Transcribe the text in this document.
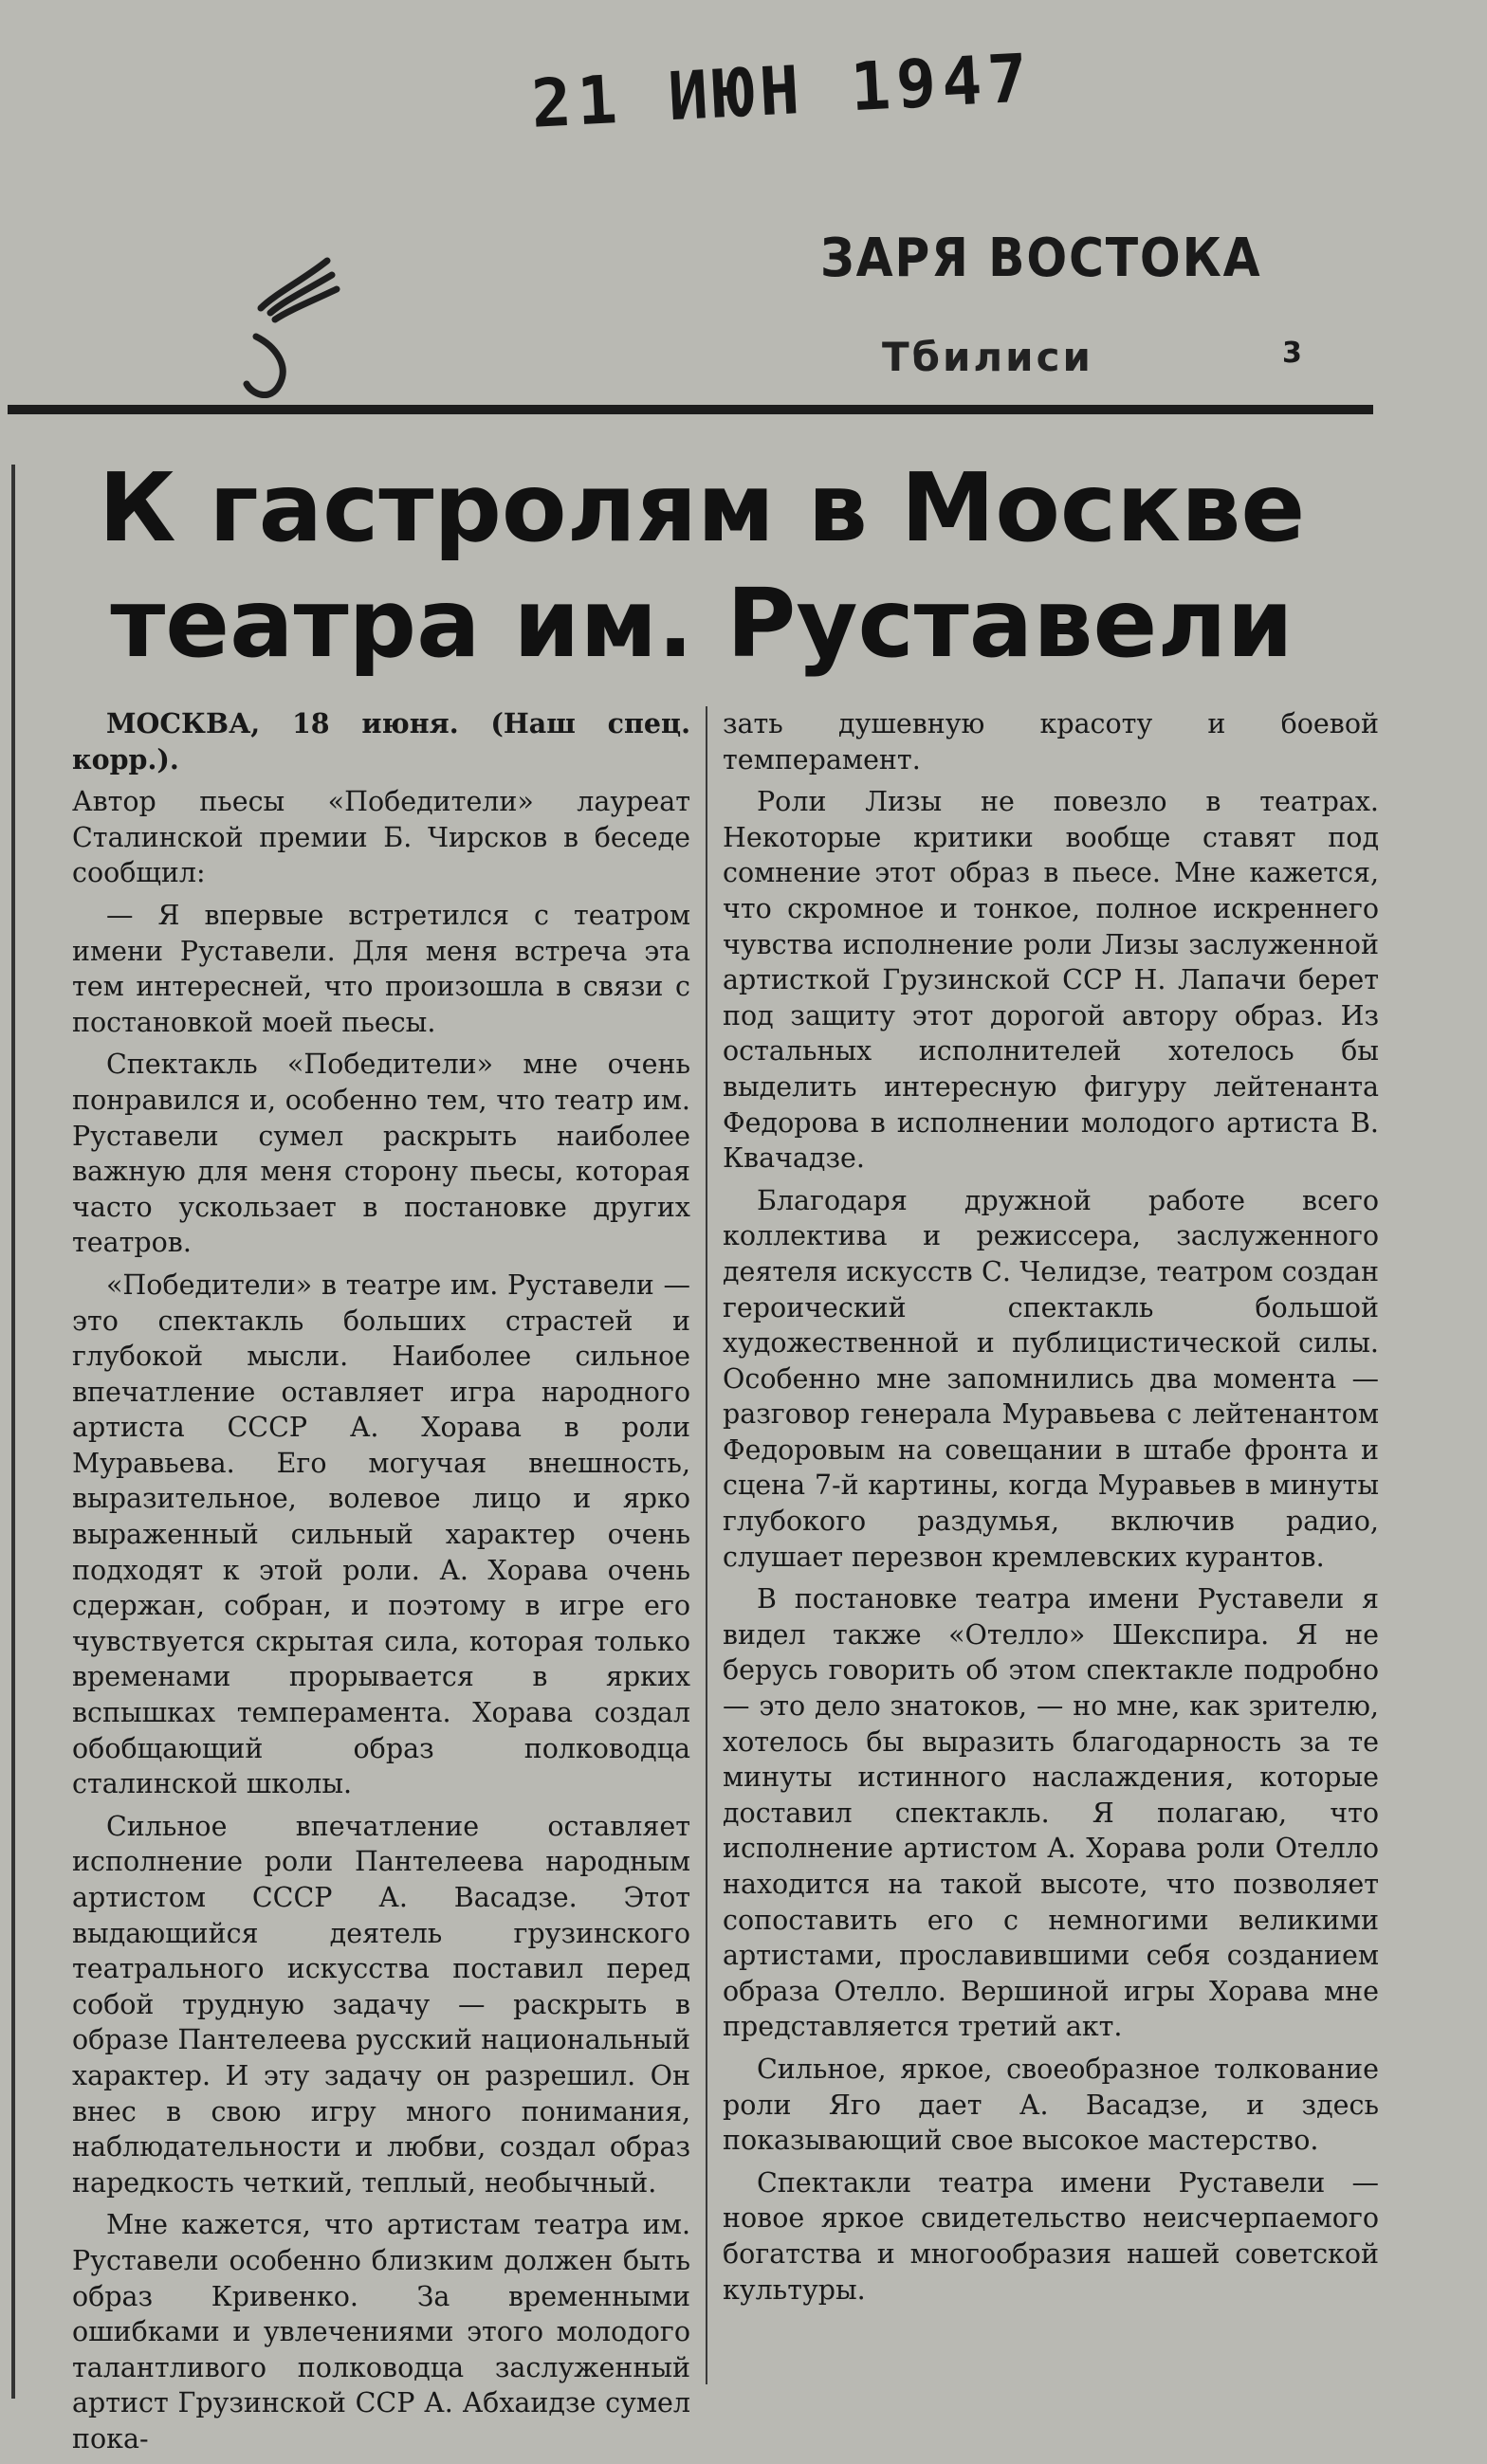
21 ИЮН 1947
ЗАРЯ ВОСТОКА
Тбилиси	3
К гастролям в Москве
театра им. Руставели

МОСКВА, 18 июня. (Наш спец. корр.).

Автор пьесы «Победители» лауреат Сталинской премии Б. Чирсков в беседе сообщил:

— Я впервые встретился с театром имени Руставели. Для меня встреча эта тем интересней, что произошла в связи с постановкой моей пьесы.

Спектакль «Победители» мне очень понравился и, особенно тем, что театр им. Руставели сумел раскрыть наиболее важную для меня сторону пьесы, которая часто ускользает в постановке других театров.

«Победители» в театре им. Руставели — это спектакль больших страстей и глубокой мысли. Наиболее сильное впечатление оставляет игра народного артиста СССР А. Хорава в роли Муравьева. Его могучая внешность, выразительное, волевое лицо и ярко выраженный сильный характер очень подходят к этой роли. А. Хорава очень сдержан, собран, и поэтому в игре его чувствуется скрытая сила, которая только временами прорывается в ярких вспышках темперамента. Хорава создал обобщающий образ полководца сталинской школы.

Сильное впечатление оставляет исполнение роли Пантелеева народным артистом СССР А. Васадзе. Этот выдающийся деятель грузинского театрального искусства поставил перед собой трудную задачу — раскрыть в образе Пантелеева русский национальный характер. И эту задачу он разрешил. Он внес в свою игру много понимания, наблюдательности и любви, создал образ наредкость четкий, теплый, необычный.

Мне кажется, что артистам театра им. Руставели особенно близким должен быть образ Кривенко. За временными ошибками и увлечениями этого молодого талантливого полководца заслуженный артист Грузинской ССР А. Абхаидзе сумел пока-

зать душевную красоту и боевой темперамент.

Роли Лизы не повезло в театрах. Некоторые критики вообще ставят под сомнение этот образ в пьесе. Мне кажется, что скромное и тонкое, полное искреннего чувства исполнение роли Лизы заслуженной артисткой Грузинской ССР Н. Лапачи берет под защиту этот дорогой автору образ. Из остальных исполнителей хотелось бы выделить интересную фигуру лейтенанта Федорова в исполнении молодого артиста В. Квачадзе.

Благодаря дружной работе всего коллектива и режиссера, заслуженного деятеля искусств С. Челидзе, театром создан героический спектакль большой художественной и публицистической силы. Особенно мне запомнились два момента — разговор генерала Муравьева с лейтенантом Федоровым на совещании в штабе фронта и сцена 7-й картины, когда Муравьев в минуты глубокого раздумья, включив радио, слушает перезвон кремлевских курантов.

В постановке театра имени Руставели я видел также «Отелло» Шекспира. Я не берусь говорить об этом спектакле подробно — это дело знатоков, — но мне, как зрителю, хотелось бы выразить благодарность за те минуты истинного наслаждения, которые доставил спектакль. Я полагаю, что исполнение артистом А. Хорава роли Отелло находится на такой высоте, что позволяет сопоставить его с немногими великими артистами, прославившими себя созданием образа Отелло. Вершиной игры Хорава мне представляется третий акт.

Сильное, яркое, своеобразное толкование роли Яго дает А. Васадзе, и здесь показывающий свое высокое мастерство.

Спектакли театра имени Руставели — новое яркое свидетельство неисчерпаемого богатства и многообразия нашей советской культуры.
